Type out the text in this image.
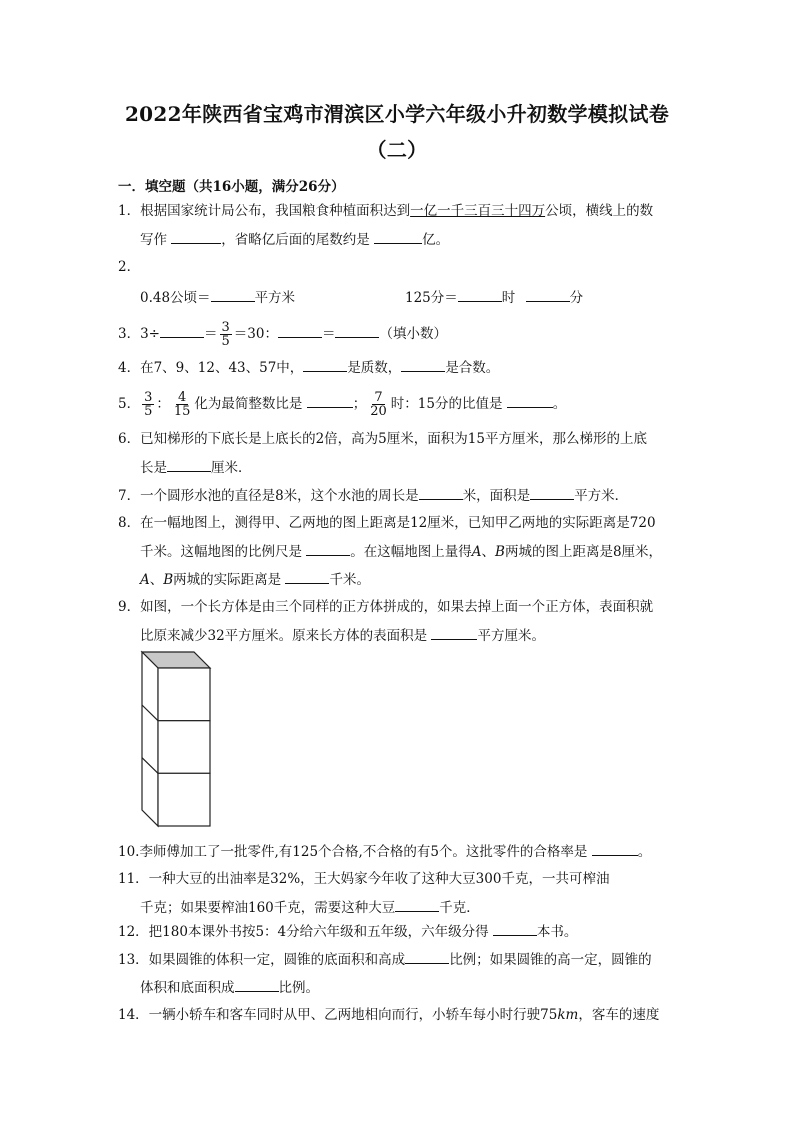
2022年陕西省宝鸡市渭滨区小学六年级小升初数学模拟试卷
（二）
一．填空题（共16小题，满分26分）
1．根据国家统计局公布，我国粮食种植面积达到一亿一千三百三十四万公顷，横线上的数
写作	，省略亿后面的尾数约是	亿。
2．
0.48公顷＝	平方米	125分＝	时	分
3．3÷	＝ $\frac{3}{5} =30$：	＝	（填小数）
4．在7、9、12、43、57中，	是质数，	是合数。
5． $\frac{3}{5}$ ： $\frac{4}{15}$ 化为最简整数比是	； $\frac{7}{20}$ 时：15分的比值是	。
6．已知梯形的下底长是上底长的2倍，高为5厘米，面积为15平方厘米，那么梯形的上底
长是	厘米．
7．一个圆形水池的直径是8米，这个水池的周长是	米，面积是	平方米．
8．在一幅地图上，测得甲、乙两地的图上距离是12厘米，已知甲乙两地的实际距离是720
千米。这幅地图的比例尺是	。在这幅地图上量得A、B两城的图上距离是8厘米，
A、B两城的实际距离是	千米。
9．如图，一个长方体是由三个同样的正方体拼成的，如果去掉上面一个正方体，表面积就
比原来减少32平方厘米。原来长方体的表面积是	平方厘米。
10.李师傅加工了一批零件,有125个合格,不合格的有5个。这批零件的合格率是	。
11．一种大豆的出油率是32%，王大妈家今年收了这种大豆300千克，一共可榨油
千克；如果要榨油160千克，需要这种大豆	千克．
12．把180本课外书按5：4分给六年级和五年级，六年级分得	本书。
13．如果圆锥的体积一定，圆锥的底面积和高成	比例；如果圆锥的高一定，圆锥的
体积和底面积成	比例。
14．一辆小轿车和客车同时从甲、乙两地相向而行，小轿车每小时行驶75km，客车的速度
